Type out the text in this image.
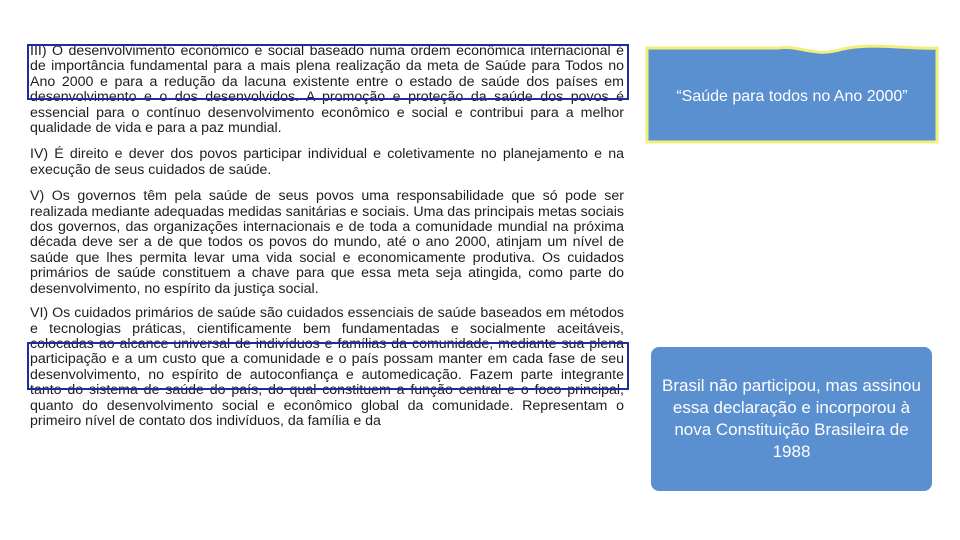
III) O desenvolvimento econômico e social baseado numa ordem econômica internacional é de importância fundamental para a mais plena realização da meta de Saúde para Todos no Ano 2000 e para a redução da lacuna existente entre o estado de saúde dos países em desenvolvimento e o dos desenvolvidos. A promoção e proteção da saúde dos povos é essencial para o contínuo desenvolvimento econômico e social e contribui para a melhor qualidade de vida e para a paz mundial.

IV) É direito e dever dos povos participar individual e coletivamente no planejamento e na execução de seus cuidados de saúde.

V) Os governos têm pela saúde de seus povos uma responsabilidade que só pode ser realizada mediante adequadas medidas sanitárias e sociais. Uma das principais metas sociais dos governos, das organizações internacionais e de toda a comunidade mundial na próxima década deve ser a de que todos os povos do mundo, até o ano 2000, atinjam um nível de saúde que lhes permita levar uma vida social e economicamente produtiva. Os cuidados primários de saúde constituem a chave para que essa meta seja atingida, como parte do desenvolvimento, no espírito da justiça social.

VI) Os cuidados primários de saúde são cuidados essenciais de saúde baseados em métodos e tecnologias práticas, cientificamente bem fundamentadas e socialmente aceitáveis, colocadas ao alcance universal de indivíduos e famílias da comunidade, mediante sua plena participação e a um custo que a comunidade e o país possam manter em cada fase de seu desenvolvimento, no espírito de autoconfiança e automedicação. Fazem parte integrante tanto do sistema de saúde do país, do qual constituem a função central e o foco principal, quanto do desenvolvimento social e econômico global da comunidade. Representam o primeiro nível de contato dos indivíduos, da família e da

“Saúde para todos no Ano 2000”
Brasil não participou, mas assinou essa declaração e incorporou à nova Constituição Brasileira de 1988
